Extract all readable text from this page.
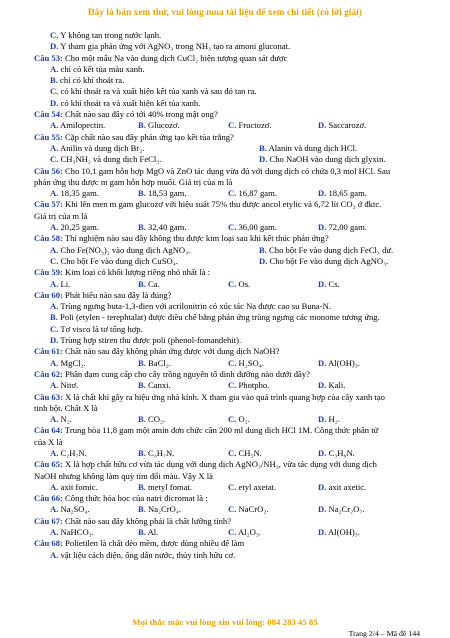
Đây là bản xem thử, vui lòng mua tài liệu để xem chi tiết (có lời giải)
C. Y không tan trong nước lạnh.
D. Y tham gia phản ứng với AgNO₃ trong NH₃ tạo ra amoni gluconat.
Câu 53: Cho một mẩu Na vào dung dịch CuCl₂ hiện tượng quan sát được
A. chỉ có kết tủa màu xanh.
B. chỉ có khí thoát ra.
C. có khí thoát ra và xuất hiện kết tủa xanh và sau đó tan ra.
D. có khí thoát ra và xuất hiện kết tủa xanh.
Câu 54: Chất nào sau đây có tới 40% trong mật ong?
A. Amilopectin.	B. Glucozơ.	C. Fructozơ.	D. Saccarozơ.
Câu 55: Cặp chất nào sau đây phản ứng tạo kết tủa trắng?
A. Anilin và dung dịch Br₂.	B. Alanin và dung dịch HCl.
C. CH₃NH₂ và dung dịch FeCl₃.	D. Cho NaOH vào dung dịch glyxin.
Câu 56: Cho 10,1 gam hỗn hợp MgO và ZnO tác dụng vừa đủ với dung dịch có chứa 0,3 mol HCl. Sau
phản ứng thu được m gam hỗn hợp muối. Giá trị của m là
A. 18,35 gam.	B. 18,53 gam.	C. 16,87 gam.	D. 18,65 gam.
Câu 57: Khi lên men m gam glucozơ với hiệu suất 75% thu được ancol etylic và 6,72 lít CO₂ ở đktc.
Giá trị của m là
A. 20,25 gam.	B. 32,40 gam.	C. 36,00 gam.	D. 72,00 gam.
Câu 58: Thí nghiệm nào sau đây không thu được kim loại sau khi kết thúc phản ứng?
A. Cho Fe(NO₃)₂ vào dung dịch AgNO₃.	B. Cho bột Fe vào dung dịch FeCl₃ dư.
C. Cho bột Fe vào dung dịch CuSO₄.	D. Cho bột Fe vào dung dịch AgNO₃.
Câu 59: Kim loại có khối lượng riêng nhỏ nhất là :
A. Li.	B. Ca.	C. Os.	D. Cs.
Câu 60: Phát biểu nào sau đây là đúng?
A. Trùng ngưng buta-1,3-đien với acrilonitrin có xúc tác Na được cao su Buna-N.
B. Poli (etylen - terephtalat) được điều chế bằng phản ứng trùng ngưng các monome tương ứng.
C. Tơ visco là tơ tổng hợp.
D. Trùng hợp stiren thu được poli (phenol-fomandehit).
Câu 61: Chất nào sau đây không phản ứng được với dung dịch NaOH?
A. MgCl₂.	B. BaCl₂.	C. H₂SO₄.	D. Al(OH)₃.
Câu 62: Phân đạm cung cấp cho cây trồng nguyên tố dinh dưỡng nào dưới đây?
A. Nitơ.	B. Canxi.	C. Photpho.	D. Kali.
Câu 63: X là chất khí gây ra hiệu ứng nhà kính. X tham gia vào quá trình quang hợp của cây xanh tạo
tinh bột. Chất X là
A. N₂.	B. CO₂.	C. O₂.	D. H₂.
Câu 64: Trung hòa 11,8 gam một amin đơn chức cần 200 ml dung dịch HCl 1M. Công thức phân tử
của X là
A. C₂H₇N.	B. C₃H₇N.	C. CH₅N.	D. C₃H₉N.
Câu 65: X là hợp chất hữu cơ vừa tác dụng với dung dịch AgNO₃/NH₃, vừa tác dụng với dung dịch
NaOH nhưng không làm quỳ tím đổi màu. Vậy X là
A. axit fomic.	B. metyl fomat.	C. etyl axetat.	D. axit axetic.
Câu 66: Công thức hóa học của natri đicromat là :
A. Na₂SO₄.	B. Na₂CrO₄.	C. NaCrO₂.	D. Na₂Cr₂O₇.
Câu 67: Chất nào sau đây không phải là chất lưỡng tính?
A. NaHCO₃.	B. Al.	C. Al₂O₃.	D. Al(OH)₃.
Câu 68: Polietilen là chất dẻo mềm, được dùng nhiều để làm
A. vật liệu cách điện, ống dẫn nước, thủy tinh hữu cơ.
Mọi thắc mắc vui lòng xin vui lòng: 084 283 45 85
Trang 2/4 – Mã đề 144
